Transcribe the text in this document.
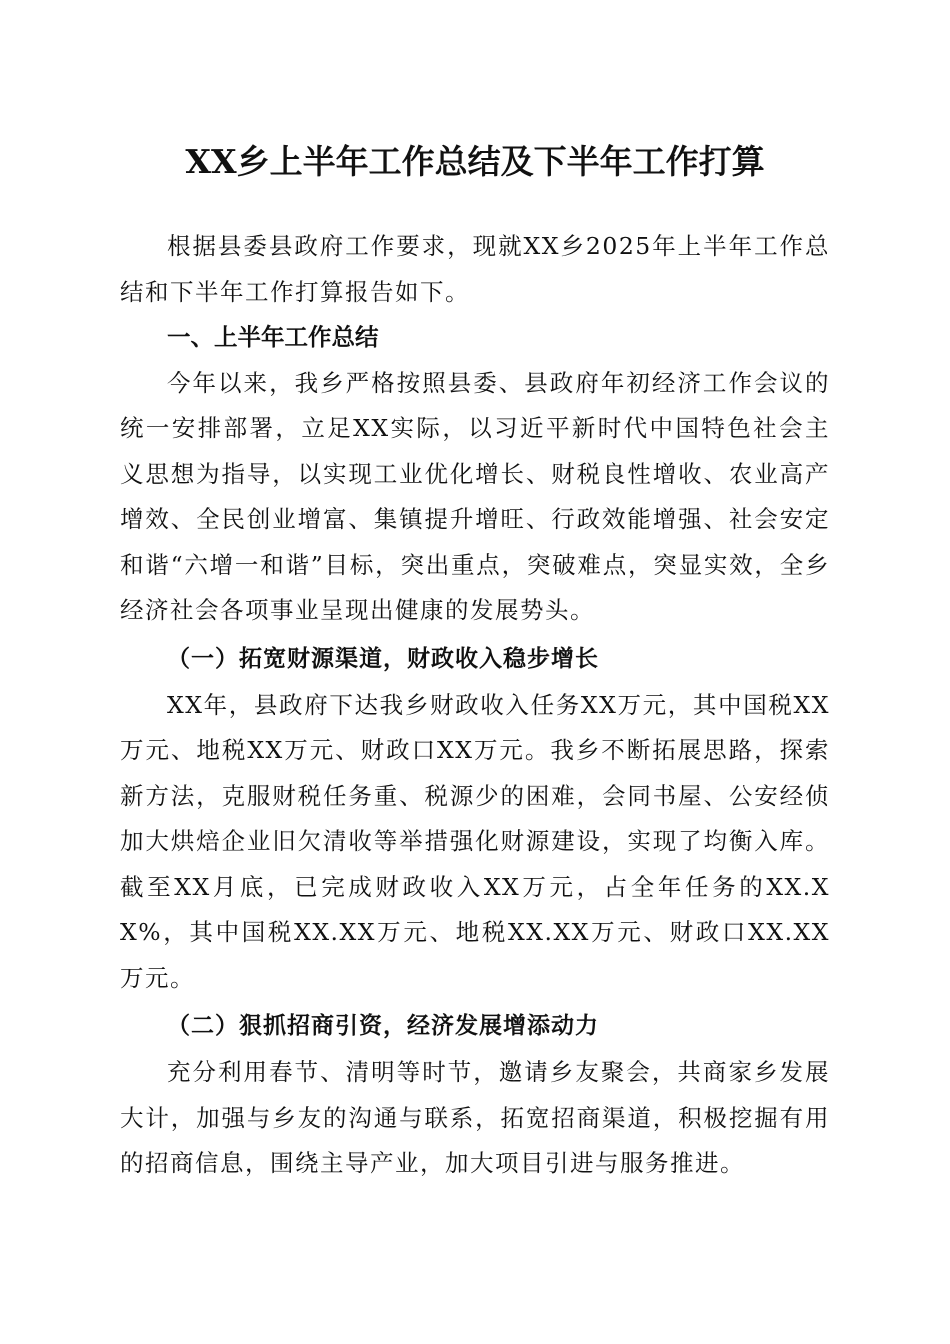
XX乡上半年工作总结及下半年工作打算

根据县委县政府工作要求，现就XX乡2025年上半年工作总结和下半年工作打算报告如下。

一、上半年工作总结

今年以来，我乡严格按照县委、县政府年初经济工作会议的统一安排部署，立足XX实际，以习近平新时代中国特色社会主义思想为指导，以实现工业优化增长、财税良性增收、农业高产增效、全民创业增富、集镇提升增旺、行政效能增强、社会安定和谐“六增一和谐”目标，突出重点，突破难点，突显实效，全乡经济社会各项事业呈现出健康的发展势头。

（一）拓宽财源渠道，财政收入稳步增长

XX年，县政府下达我乡财政收入任务XX万元，其中国税XX万元、地税XX万元、财政口XX万元。我乡不断拓展思路，探索新方法，克服财税任务重、税源少的困难，会同书屋、公安经侦加大烘焙企业旧欠清收等举措强化财源建设，实现了均衡入库。截至XX月底，已完成财政收入XX万元，占全年任务的XX.XX%，其中国税XX.XX万元、地税XX.XX万元、财政口XX.XX万元。

（二）狠抓招商引资，经济发展增添动力

充分利用春节、清明等时节，邀请乡友聚会，共商家乡发展大计，加强与乡友的沟通与联系，拓宽招商渠道，积极挖掘有用的招商信息，围绕主导产业，加大项目引进与服务推进。
